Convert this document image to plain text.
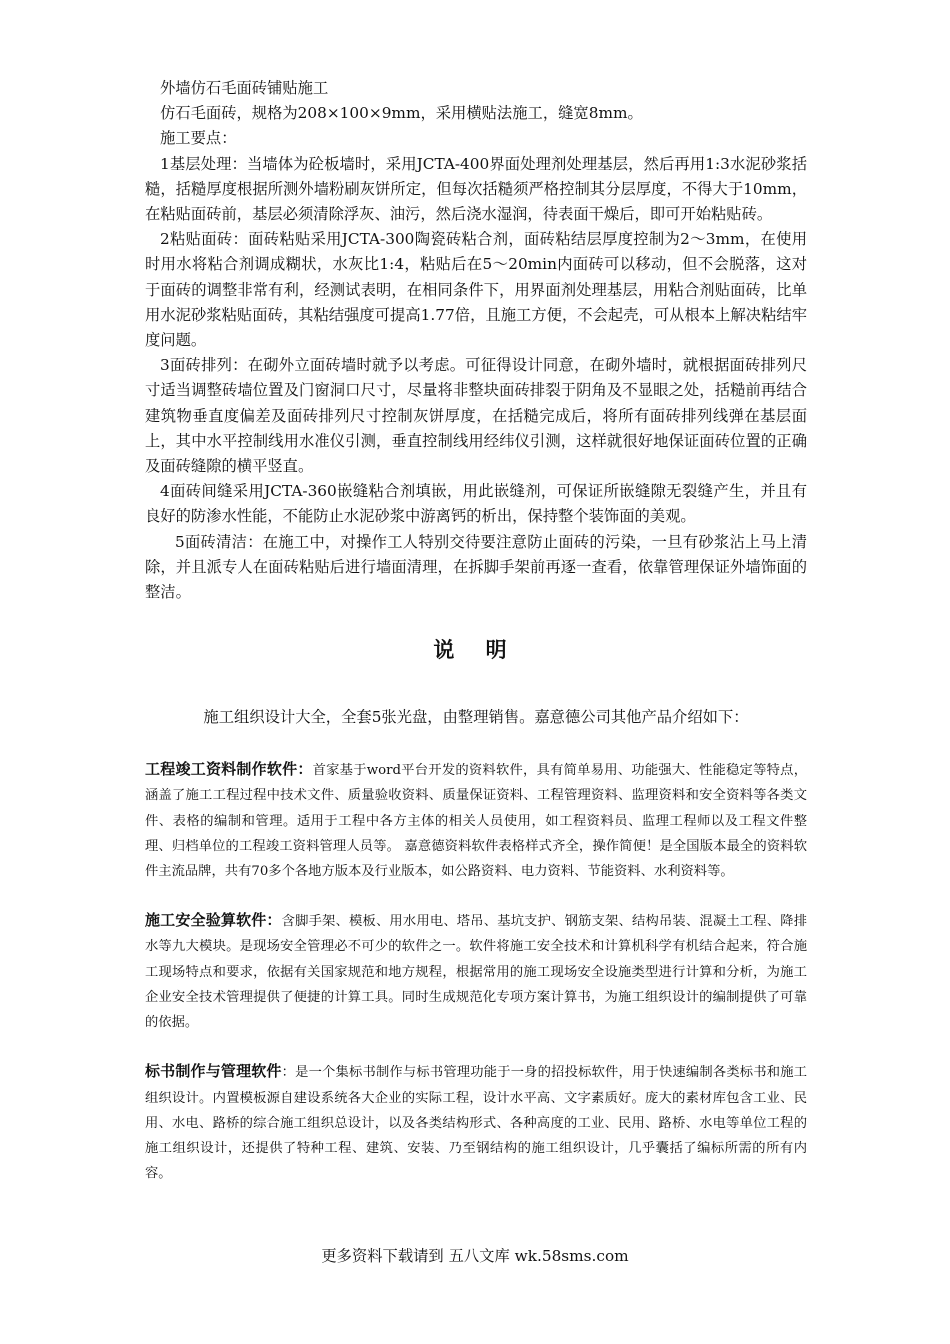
外墙仿石毛面砖铺贴施工

仿石毛面砖，规格为208×100×9mm，采用横贴法施工，缝宽8mm。

施工要点：

1基层处理：当墙体为砼板墙时，采用JCTA-400界面处理剂处理基层，然后再用1:3水泥砂浆括糙，括糙厚度根据所测外墙粉刷灰饼所定，但每次括糙须严格控制其分层厚度，不得大于10mm，在粘贴面砖前，基层必须清除浮灰、油污，然后浇水湿润，待表面干燥后，即可开始粘贴砖。

2粘贴面砖：面砖粘贴采用JCTA-300陶瓷砖粘合剂，面砖粘结层厚度控制为2～3mm，在使用时用水将粘合剂调成糊状，水灰比1:4，粘贴后在5～20min内面砖可以移动，但不会脱落，这对于面砖的调整非常有利，经测试表明，在相同条件下，用界面剂处理基层，用粘合剂贴面砖，比单用水泥砂浆粘贴面砖，其粘结强度可提高1.77倍，且施工方便，不会起壳，可从根本上解决粘结牢度问题。

3面砖排列：在砌外立面砖墙时就予以考虑。可征得设计同意，在砌外墙时，就根据面砖排列尺寸适当调整砖墙位置及门窗洞口尺寸，尽量将非整块面砖排裂于阴角及不显眼之处，括糙前再结合建筑物垂直度偏差及面砖排列尺寸控制灰饼厚度，在括糙完成后，将所有面砖排列线弹在基层面上，其中水平控制线用水准仪引测，垂直控制线用经纬仪引测，这样就很好地保证面砖位置的正确及面砖缝隙的横平竖直。

4面砖间缝采用JCTA-360嵌缝粘合剂填嵌，用此嵌缝剂，可保证所嵌缝隙无裂缝产生，并且有良好的防渗水性能，不能防止水泥砂浆中游离钙的析出，保持整个装饰面的美观。

5面砖清洁：在施工中，对操作工人特别交待要注意防止面砖的污染，一旦有砂浆沾上马上清除，并且派专人在面砖粘贴后进行墙面清理，在拆脚手架前再逐一查看，依靠管理保证外墙饰面的整洁。

说 明
施工组织设计大全，全套5张光盘，由整理销售。嘉意德公司其他产品介绍如下：

工程竣工资料制作软件：首家基于word平台开发的资料软件，具有简单易用、功能强大、性能稳定等特点，涵盖了施工工程过程中技术文件、质量验收资料、质量保证资料、工程管理资料、监理资料和安全资料等各类文件、表格的编制和管理。适用于工程中各方主体的相关人员使用，如工程资料员、监理工程师以及工程文件整理、归档单位的工程竣工资料管理人员等。 嘉意德资料软件表格样式齐全，操作简便！是全国版本最全的资料软件主流品牌，共有70多个各地方版本及行业版本，如公路资料、电力资料、节能资料、水利资料等。

施工安全验算软件：含脚手架、模板、用水用电、塔吊、基坑支护、钢筋支架、结构吊装、混凝土工程、降排水等九大模块。是现场安全管理必不可少的软件之一。软件将施工安全技术和计算机科学有机结合起来，符合施工现场特点和要求，依据有关国家规范和地方规程，根据常用的施工现场安全设施类型进行计算和分析，为施工企业安全技术管理提供了便捷的计算工具。同时生成规范化专项方案计算书，为施工组织设计的编制提供了可靠的依据。

标书制作与管理软件：是一个集标书制作与标书管理功能于一身的招投标软件，用于快速编制各类标书和施工组织设计。内置模板源自建设系统各大企业的实际工程，设计水平高、文字素质好。庞大的素材库包含工业、民用、水电、路桥的综合施工组织总设计，以及各类结构形式、各种高度的工业、民用、路桥、水电等单位工程的施工组织设计，还提供了特种工程、建筑、安装、乃至钢结构的施工组织设计，几乎囊括了编标所需的所有内容。

更多资料下载请到 五八文库 wk.58sms.com
